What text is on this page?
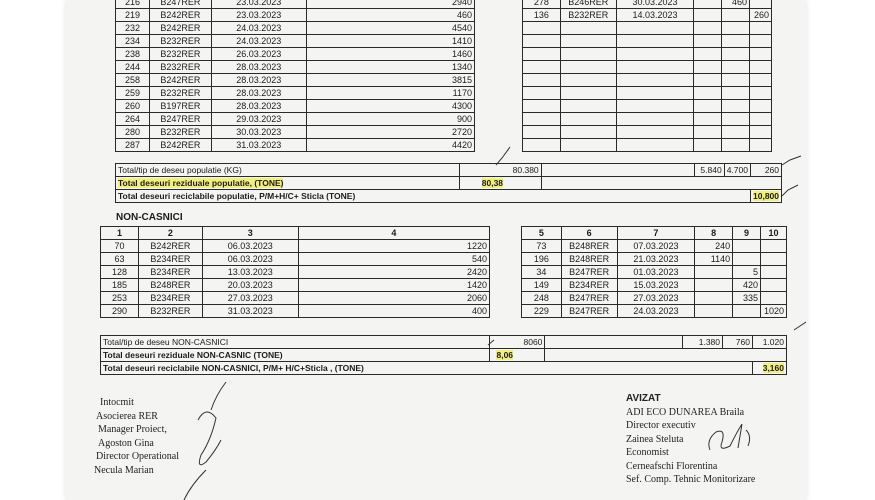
216	B247RER	23.03.2023	2940
219	B242RER	23.03.2023	460
232	B242RER	24.03.2023	4540
234	B232RER	24.03.2023	1410
238	B232RER	26.03.2023	1460
244	B232RER	28.03.2023	1340
258	B242RER	28.03.2023	3815
259	B232RER	28.03.2023	1170
260	B197RER	28.03.2023	4300
264	B247RER	29.03.2023	900
280	B232RER	30.03.2023	2720
287	B242RER	31.03.2023	4420
278	B246RER	30.03.2023		460	
136	B232RER	14.03.2023			260

Total/tip de deseu populatie (KG)	80.380		5.840	4.700	260
Total deseuri reziduale populatie, (TONE)	80,38				
Total deseuri reciclabile populatie, P/M+H/C+ Sticla (TONE)					10,800
NON-CASNICI
1	2	3	4
70	B242RER	06.03.2023	1220
63	B234RER	06.03.2023	540
128	B234RER	13.03.2023	2420
185	B248RER	20.03.2023	1420
253	B234RER	27.03.2023	2060
290	B232RER	31.03.2023	400
5	6	7	8	9	10
73	B248RER	07.03.2023	240		
196	B248RER	21.03.2023	1140		
34	B247RER	01.03.2023		5	
149	B234RER	15.03.2023		420	
248	B247RER	27.03.2023		335	
229	B247RER	24.03.2023			1020
Total/tip de deseu NON-CASNICI	8060		1.380	760	1.020
Total deseuri reziduale NON-CASNIC (TONE)	8,06				
Total deseuri reciclabile NON-CASNICI, P/M+ H/C+Sticla , (TONE)					3,160
Intocmit
Asocierea RER
Manager Proiect,
Agoston Gina
Director Operational
Necula Marian
AVIZAT
ADI ECO DUNAREA Braila
Director executiv
Zainea Steluta
Economist
Cerneafschi Florentina
Sef. Comp. Tehnic Monitorizare
